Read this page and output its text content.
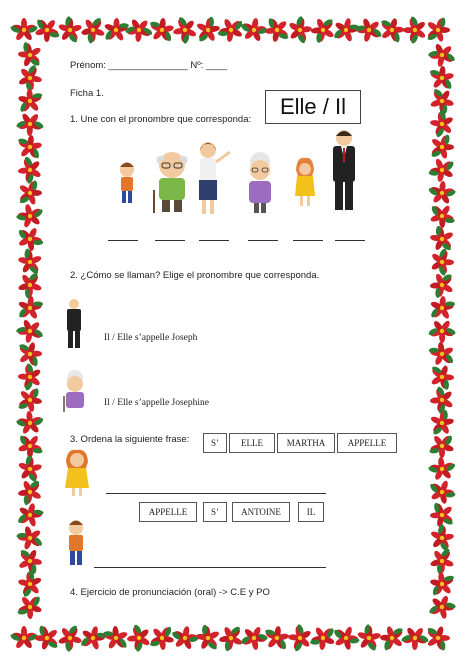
Prénom: _______________ Nº: ____
Ficha 1.
1. Une con el pronombre que corresponda:
Elle / Il
2. ¿Cómo se llaman? Elige el pronombre que corresponda.
Il / Elle s’appelle Joseph
Il / Elle s’appelle Josephine
3. Ordena la siguiente frase:	S’	ELLE	MARTHA	APPELLE
APPELLE	S’	ANTOINE	IL
4. Ejercicio de pronunciación (oral) -> C.E y PO
